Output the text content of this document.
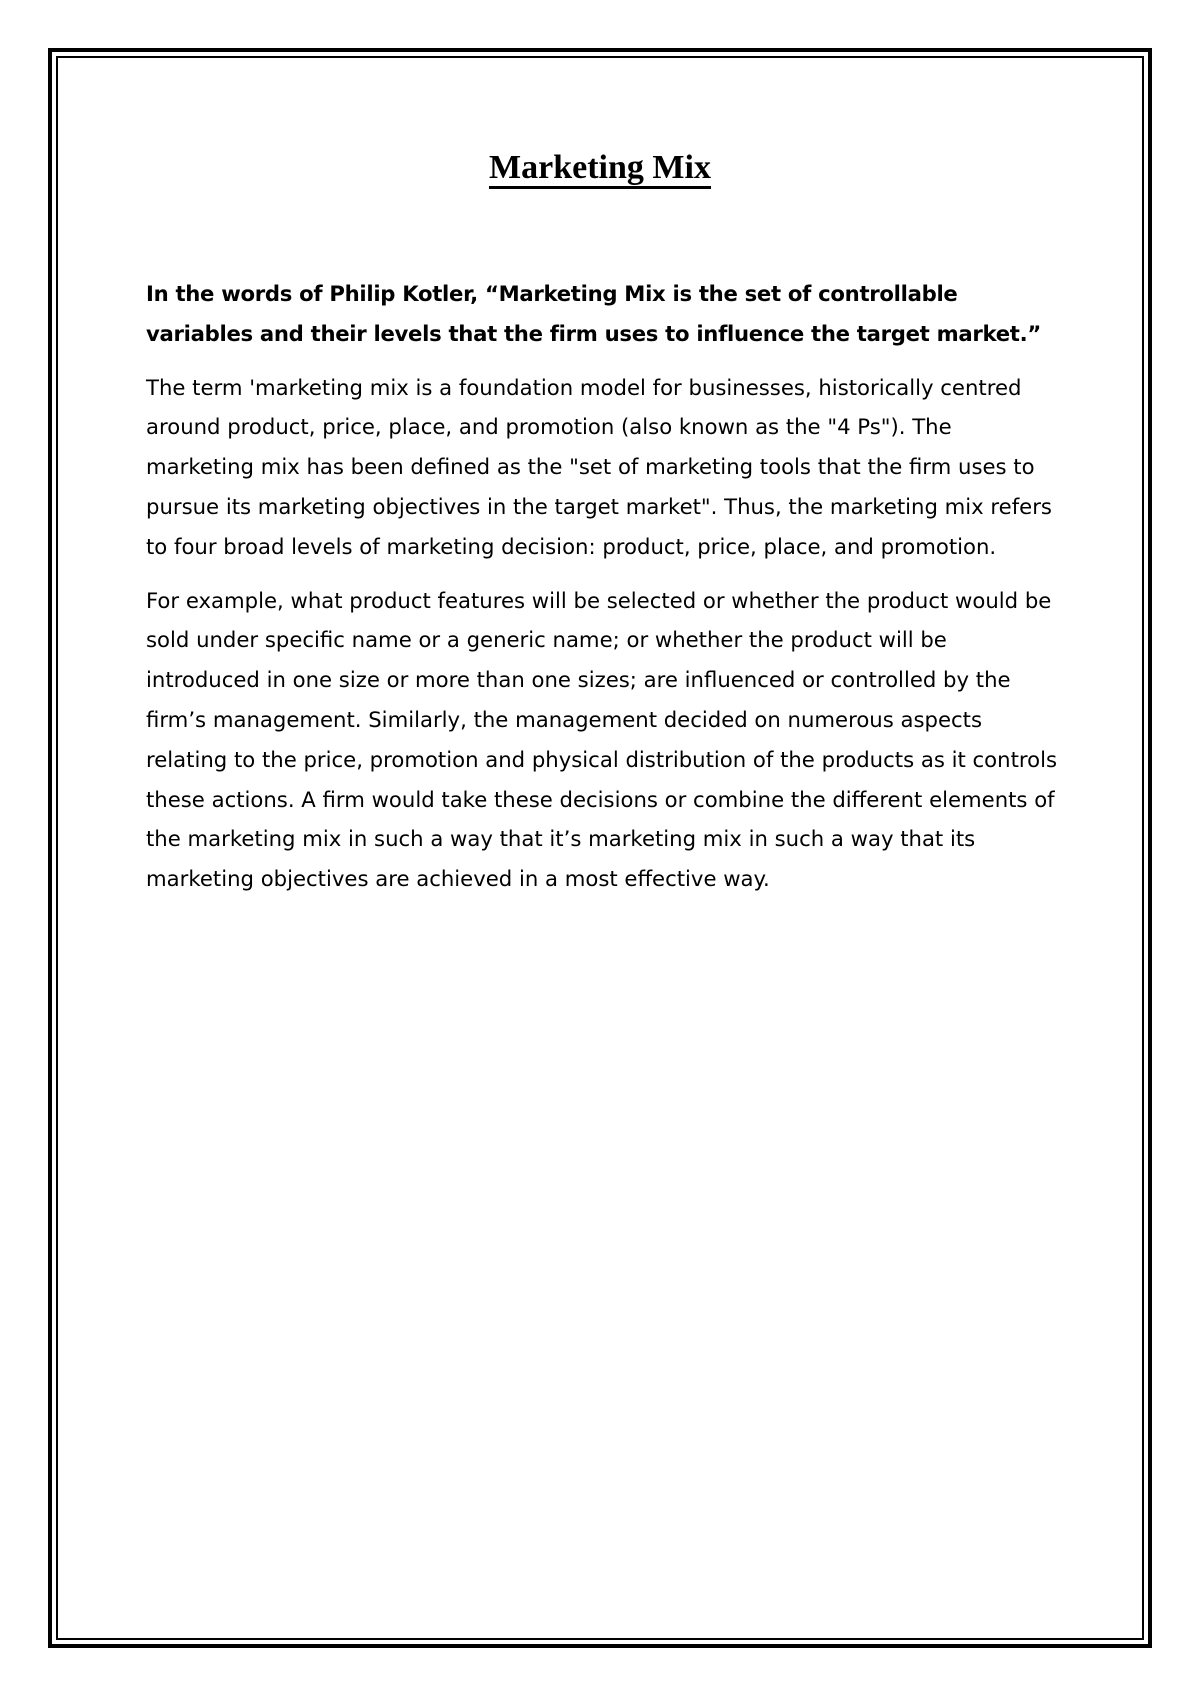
Marketing Mix

In the words of Philip Kotler, “Marketing Mix is the set of controllable variables and their levels that the firm uses to influence the target market.”

The term 'marketing mix is a foundation model for businesses, historically centred around product, price, place, and promotion (also known as the "4 Ps"). The marketing mix has been defined as the "set of marketing tools that the firm uses to pursue its marketing objectives in the target market". Thus, the marketing mix refers to four broad levels of marketing decision: product, price, place, and promotion.

For example, what product features will be selected or whether the product would be sold under specific name or a generic name; or whether the product will be introduced in one size or more than one sizes; are influenced or controlled by the firm’s management. Similarly, the management decided on numerous aspects relating to the price, promotion and physical distribution of the products as it controls these actions. A firm would take these decisions or combine the different elements of the marketing mix in such a way that it’s marketing mix in such a way that its marketing objectives are achieved in a most effective way.
